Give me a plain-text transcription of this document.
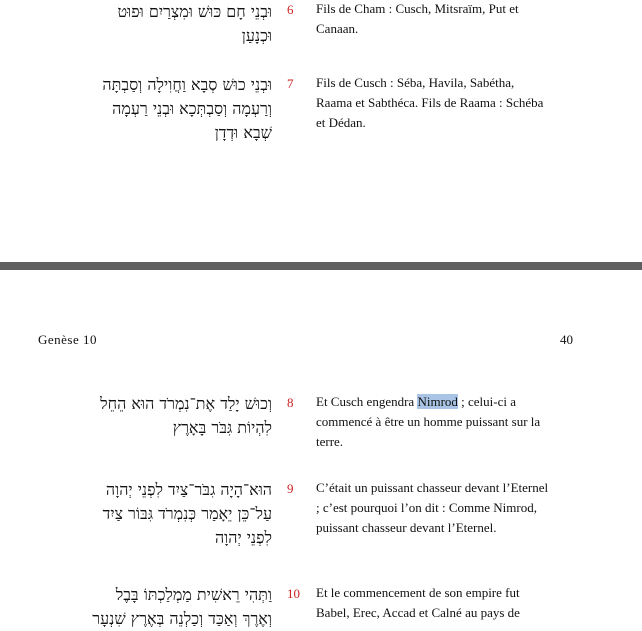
וּבְנֵי חָם כּוּשׁ וּמִצְרַיִם וּפוּט
וּכְנָעַן
6	Fils de Cham : Cusch, Mitsraïm, Put et Canaan.
וּבְנֵי כוּשׁ סְבָא וַחֲוִילָה וְסַבְתָּה
וְרַעְמָה וְסַבְתְּכָא וּבְנֵי רַעְמָה
שְׁבָא וּדְדָן
7	Fils de Cusch : Séba, Havila, Sabétha, Raama et Sabthéca. Fils de Raama : Schéba et Dédan.
Genèse 10	40
וְכוּשׁ יָלַד אֶת־נִמְרֹד הוּא הֵחֵל
לִהְיוֹת גִּבֹּר בָּאָרֶץ
8	Et Cusch engendra Nimrod ; celui-ci a commencé à être un homme puissant sur la terre.
הוּא־הָיָה גִבֹּר־צַיִד לִפְנֵי יְהוָה
עַל־כֵּן יֵאָמַר כְּנִמְרֹד גִּבּוֹר צַיִד
לִפְנֵי יְהוָה
9	C’était un puissant chasseur devant l’Eternel ; c’est pourquoi l’on dit : Comme Nimrod, puissant chasseur devant l’Eternel.
וַתְּהִי רֵאשִׁית מַמְלַכְתּוֹ בָּבֶל
וְאֶרֶךְ וְאַכַּד וְכַלְנֵה בְּאֶרֶץ שִׁנְעָר
10	Et le commencement de son empire fut Babel, Erec, Accad et Calné au pays de
